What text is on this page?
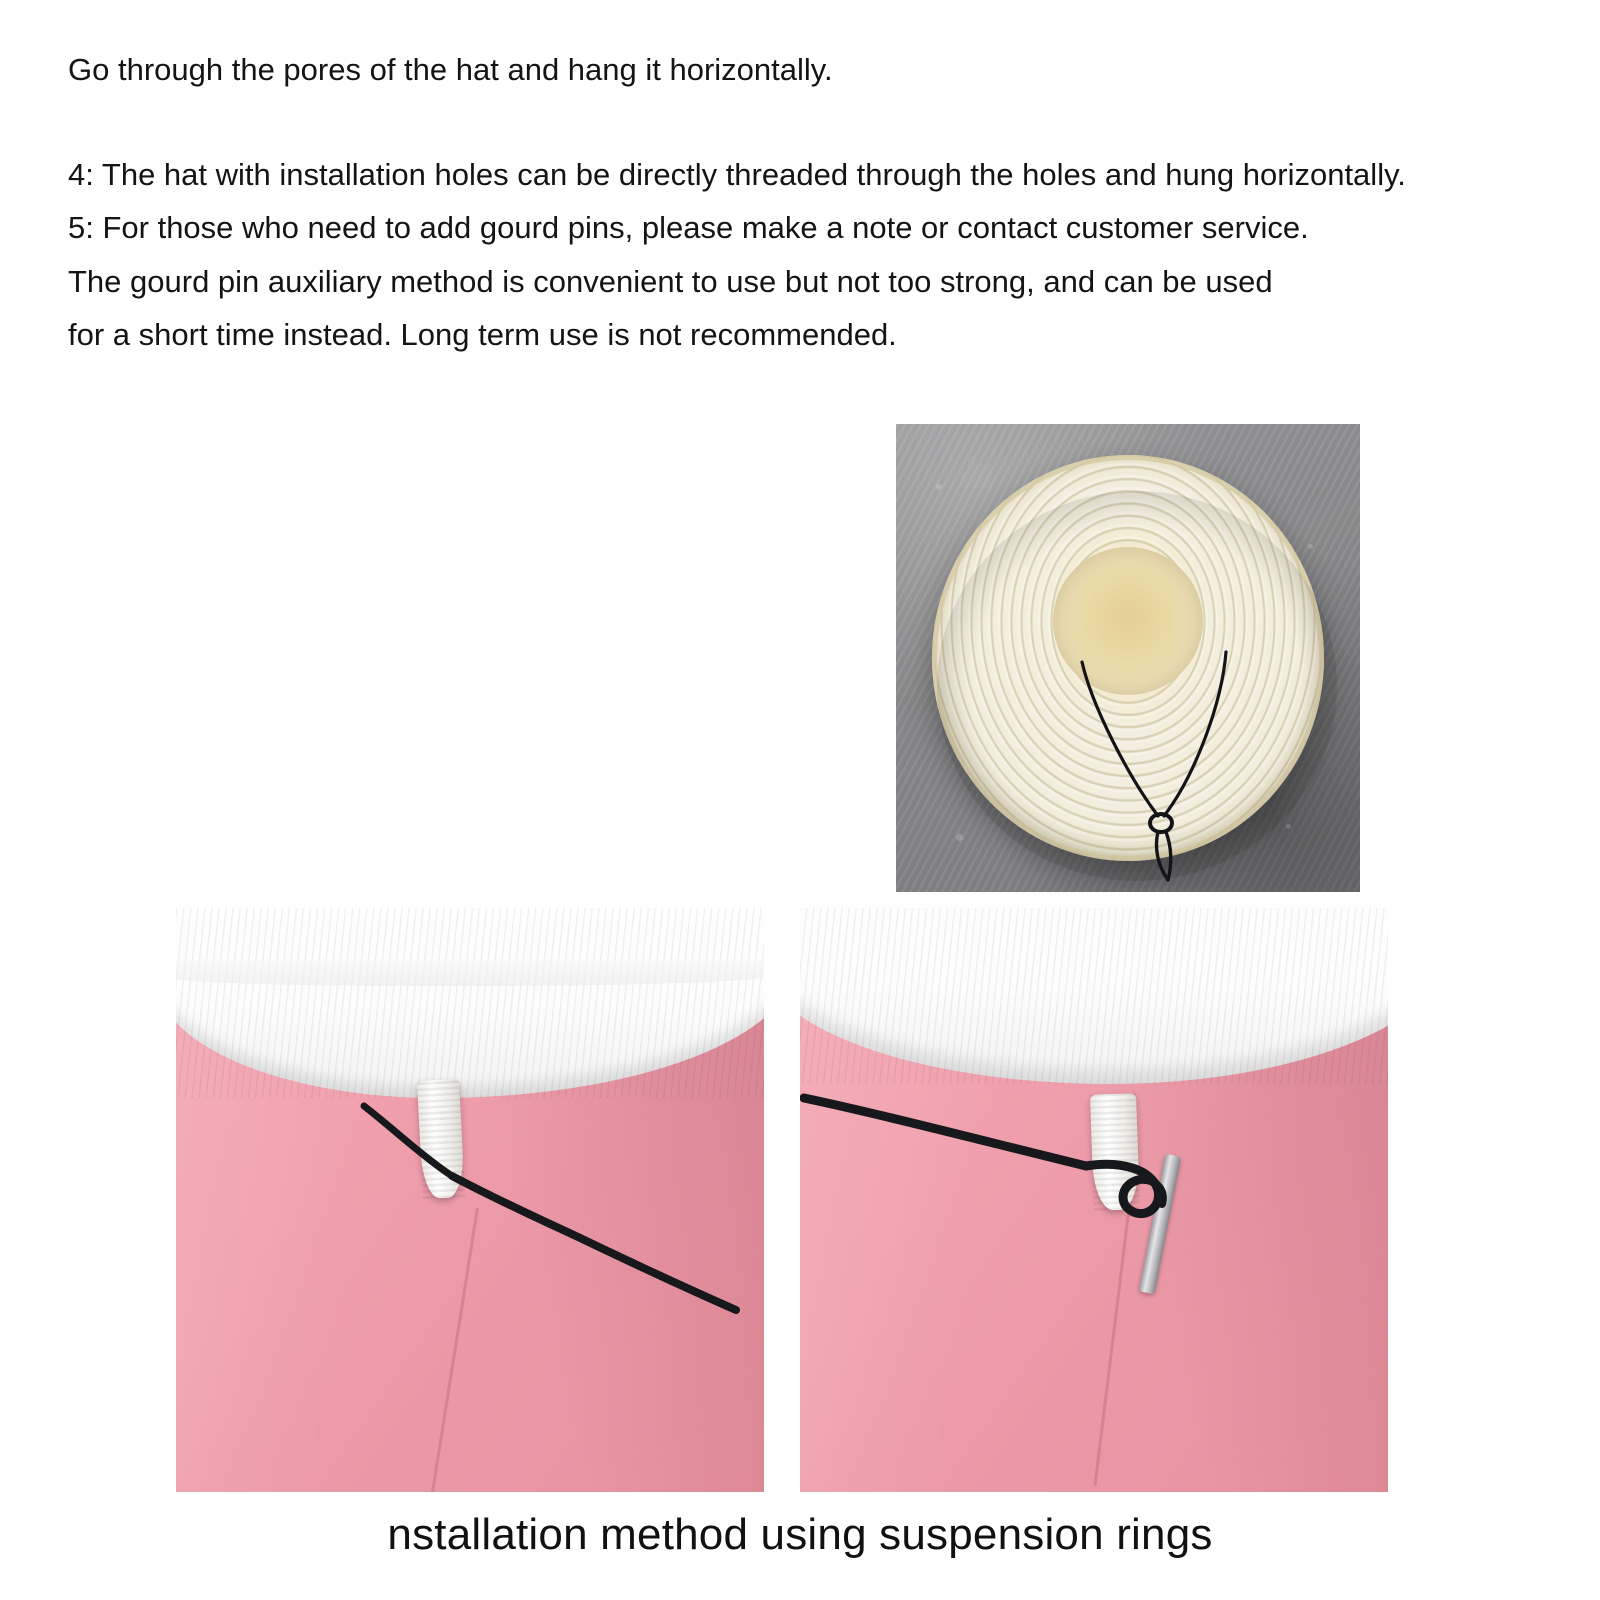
Go through the pores of the hat and hang it horizontally.

4: The hat with installation holes can be directly threaded through the holes and hung horizontally.

5: For those who need to add gourd pins, please make a note or contact customer service.

The gourd pin auxiliary method is convenient to use but not too strong, and can be used

for a short time instead. Long term use is not recommended.

nstallation method using suspension rings
